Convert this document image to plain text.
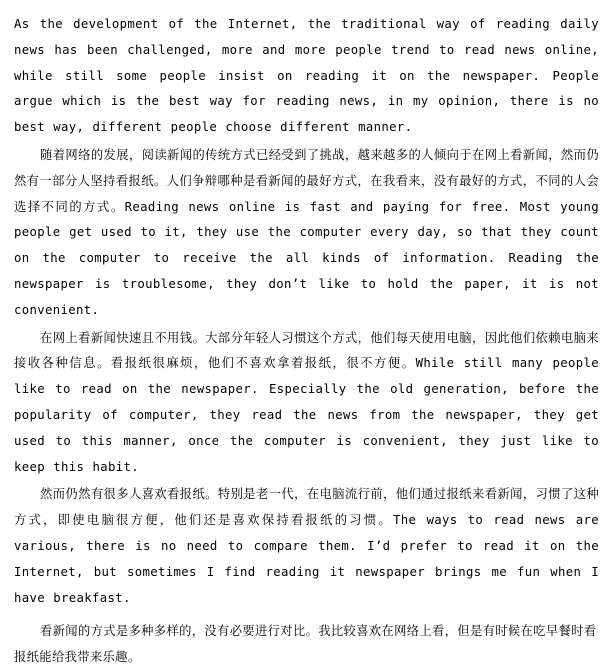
As the development of the Internet, the traditional way of reading daily news has been challenged, more and more people trend to read news online, while still some people insist on reading it on the newspaper. People argue which is the best way for reading news, in my opinion, there is no best way, different people choose different manner.

随着网络的发展，阅读新闻的传统方式已经受到了挑战，越来越多的人倾向于在网上看新闻，然而仍然有一部分人坚持看报纸。人们争辩哪种是看新闻的最好方式，在我看来，没有最好的方式，不同的人会选择不同的方式。Reading news online is fast and paying for free. Most young people get used to it, they use the computer every day, so that they count on the computer to receive the all kinds of information. Reading the newspaper is troublesome, they don’t like to hold the paper, it is not convenient.

在网上看新闻快速且不用钱。大部分年轻人习惯这个方式，他们每天使用电脑，因此他们依赖电脑来接收各种信息。看报纸很麻烦，他们不喜欢拿着报纸，很不方便。While still many people like to read on the newspaper. Especially the old generation, before the popularity of computer, they read the news from the newspaper, they get used to this manner, once the computer is convenient, they just like to keep this habit.

然而仍然有很多人喜欢看报纸。特别是老一代，在电脑流行前，他们通过报纸来看新闻，习惯了这种方式，即使电脑很方便，他们还是喜欢保持看报纸的习惯。The ways to read news are various, there is no need to compare them. I’d prefer to read it on the Internet, but sometimes I find reading it newspaper brings me fun when I have breakfast.

看新闻的方式是多种多样的，没有必要进行对比。我比较喜欢在网络上看，但是有时候在吃早餐时看报纸能给我带来乐趣。
